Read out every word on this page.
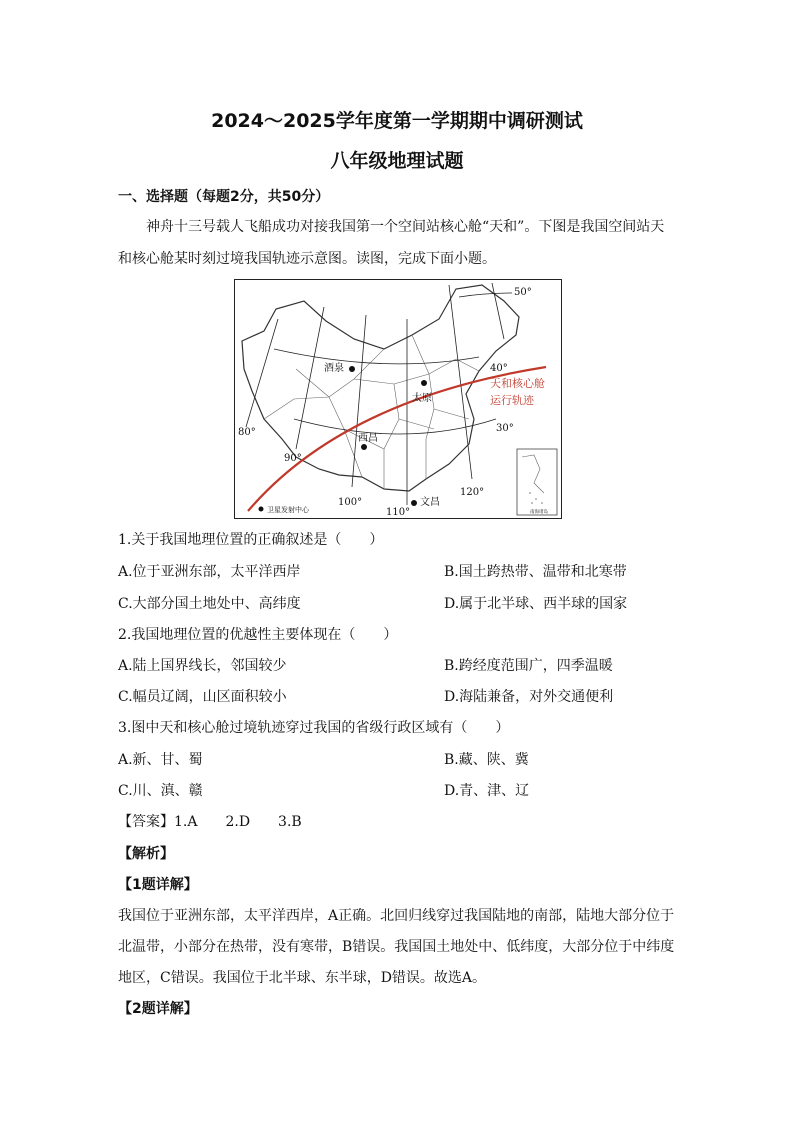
2024～2025学年度第一学期期中调研测试
八年级地理试题
一、选择题（每题2分，共50分）
神舟十三号载人飞船成功对接我国第一个空间站核心舱“天和”。下图是我国空间站天
和核心舱某时刻过境我国轨迹示意图。读图，完成下面小题。
50°
40°
30°
80°
90°
100°
110°
120°
酒泉
太原
西昌
文昌
天和核心舱
运行轨迹
卫星发射中心	南海诸岛
1.关于我国地理位置的正确叙述是（　　）
A.位于亚洲东部，太平洋西岸	B.国土跨热带、温带和北寒带
C.大部分国土地处中、高纬度	D.属于北半球、西半球的国家
2.我国地理位置的优越性主要体现在（　　）
A.陆上国界线长，邻国较少	B.跨经度范围广，四季温暖
C.幅员辽阔，山区面积较小	D.海陆兼备，对外交通便利
3.图中天和核心舱过境轨迹穿过我国的省级行政区域有（　　）
A.新、甘、蜀	B.藏、陕、冀
C.川、滇、赣	D.青、津、辽
【答案】1.A　　2.D　　3.B
【解析】
【1题详解】
我国位于亚洲东部，太平洋西岸，A正确。北回归线穿过我国陆地的南部，陆地大部分位于
北温带，小部分在热带，没有寒带，B错误。我国国土地处中、低纬度，大部分位于中纬度
地区，C错误。我国位于北半球、东半球，D错误。故选A。
【2题详解】
